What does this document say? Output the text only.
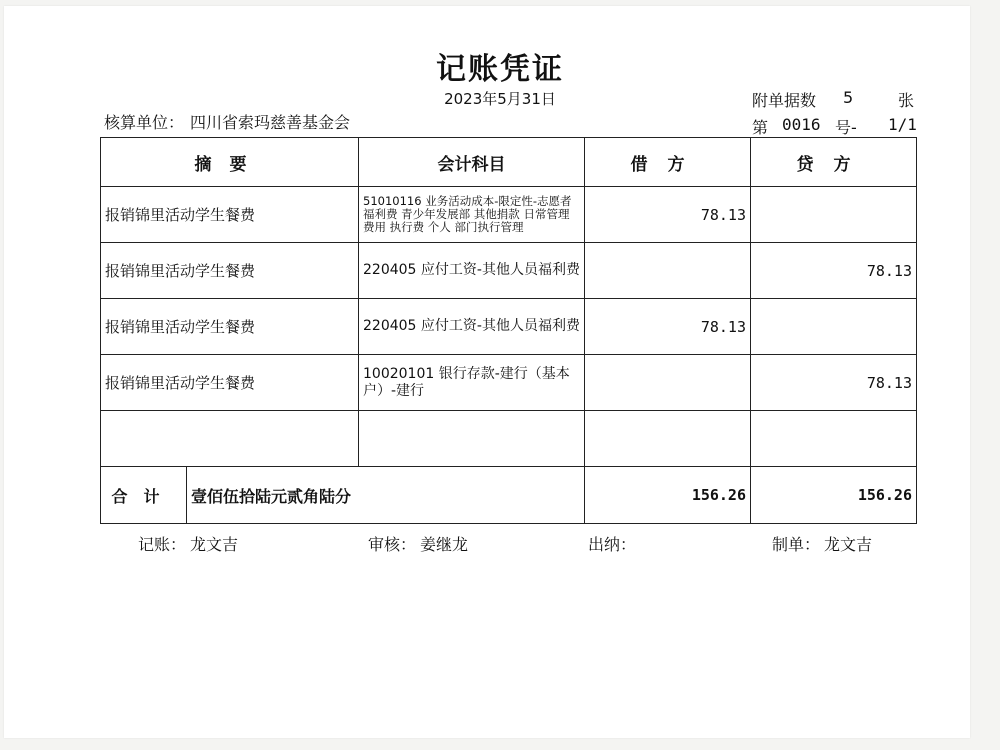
记账凭证
2023年5月31日
核算单位： 四川省索玛慈善基金会
附单据数 5	张
第 0016 号- 1/1
摘要		会计科目	借方	贷方
报销锦里活动学生餐费		51010116 业务活动成本-限定性-志愿者福利费 青少年发展部 其他捐款 日常管理费用 执行费 个人 部门执行管理	78.13	
报销锦里活动学生餐费		220405 应付工资-其他人员福利费		78.13
报销锦里活动学生餐费		220405 应付工资-其他人员福利费	78.13	
报销锦里活动学生餐费		10020101 银行存款-建行（基本户）-建行		78.13

合计	壹佰伍拾陆元贰角陆分		156.26	156.26
记账： 龙文吉	审核： 姜继龙	出纳：	制单： 龙文吉
